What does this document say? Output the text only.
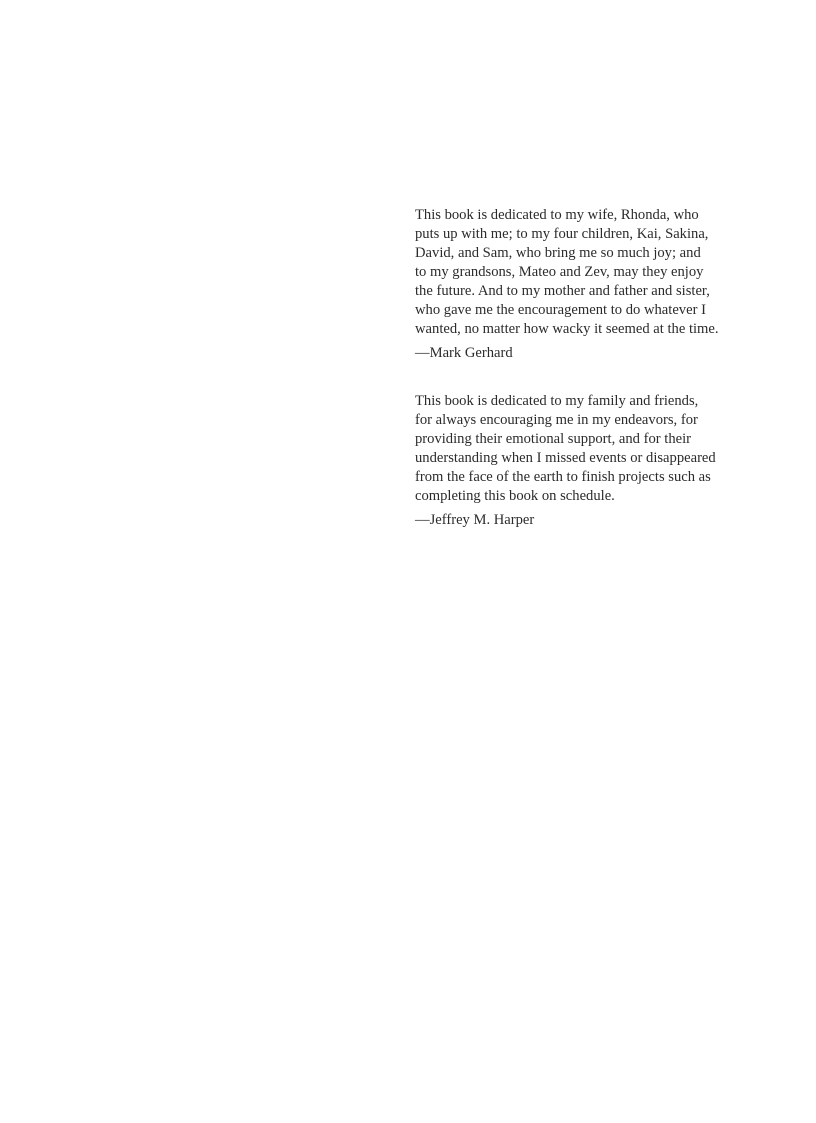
This book is dedicated to my wife, Rhonda, who
puts up with me; to my four children, Kai, Sakina,
David, and Sam, who bring me so much joy; and
to my grandsons, Mateo and Zev, may they enjoy
the future. And to my mother and father and sister,
who gave me the encouragement to do whatever I
wanted, no matter how wacky it seemed at the time.

—Mark Gerhard

This book is dedicated to my family and friends,
for always encouraging me in my endeavors, for
providing their emotional support, and for their
understanding when I missed events or disappeared
from the face of the earth to finish projects such as
completing this book on schedule.

—Jeffrey M. Harper
